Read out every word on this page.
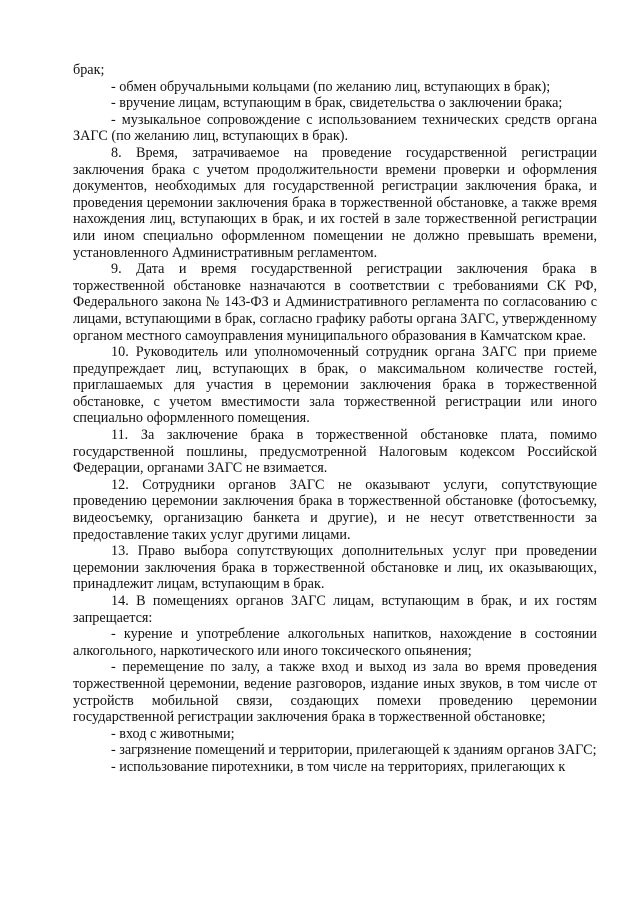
брак;

- обмен обручальными кольцами (по желанию лиц, вступающих в брак);

- вручение лицам, вступающим в брак, свидетельства о заключении брака;

- музыкальное сопровождение с использованием технических средств органа ЗАГС (по желанию лиц, вступающих в брак).

8. Время, затрачиваемое на проведение государственной регистрации заключения брака с учетом продолжительности времени проверки и оформления документов, необходимых для государственной регистрации заключения брака, и проведения церемонии заключения брака в торжественной обстановке, а также время нахождения лиц, вступающих в брак, и их гостей в зале торжественной регистрации или ином специально оформленном помещении не должно превышать времени, установленного Административным регламентом.

9. Дата и время государственной регистрации заключения брака в торжественной обстановке назначаются в соответствии с требованиями СК РФ, Федерального закона № 143-ФЗ и Административного регламента по согласованию с лицами, вступающими в брак, согласно графику работы органа ЗАГС, утвержденному органом местного самоуправления муниципального образования в Камчатском крае.

10. Руководитель или уполномоченный сотрудник органа ЗАГС при приеме предупреждает лиц, вступающих в брак, о максимальном количестве гостей, приглашаемых для участия в церемонии заключения брака в торжественной обстановке, с учетом вместимости зала торжественной регистрации или иного специально оформленного помещения.

11. За заключение брака в торжественной обстановке плата, помимо государственной пошлины, предусмотренной Налоговым кодексом Российской Федерации, органами ЗАГС не взимается.

12. Сотрудники органов ЗАГС не оказывают услуги, сопутствующие проведению церемонии заключения брака в торжественной обстановке (фотосъемку, видеосъемку, организацию банкета и другие), и не несут ответственности за предоставление таких услуг другими лицами.

13. Право выбора сопутствующих дополнительных услуг при проведении церемонии заключения брака в торжественной обстановке и лиц, их оказывающих, принадлежит лицам, вступающим в брак.

14. В помещениях органов ЗАГС лицам, вступающим в брак, и их гостям запрещается:

- курение и употребление алкогольных напитков, нахождение в состоянии алкогольного, наркотического или иного токсического опьянения;

- перемещение по залу, а также вход и выход из зала во время проведения торжественной церемонии, ведение разговоров, издание иных звуков, в том числе от устройств мобильной связи, создающих помехи проведению церемонии государственной регистрации заключения брака в торжественной обстановке;

- вход с животными;

- загрязнение помещений и территории, прилегающей к зданиям органов ЗАГС;

- использование пиротехники, в том числе на территориях, прилегающих к
